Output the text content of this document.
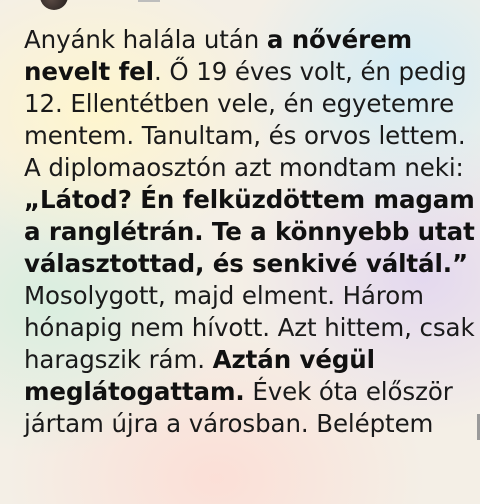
Anyánk halála után a nővérem nevelt fel. Ő 19 éves volt, én pedig 12. Ellentétben vele, én egyetemre mentem. Tanultam, és orvos lettem. A diplomaosztón azt mondtam neki: „Látod? Én felküzdöttem magam a ranglétrán. Te a könnyebb utat választottad, és senkivé váltál.” Mosolygott, majd elment. Három hónapig nem hívott. Azt hittem, csak haragszik rám. Aztán végül meglátogattam. Évek óta először jártam újra a városban. Beléptem
